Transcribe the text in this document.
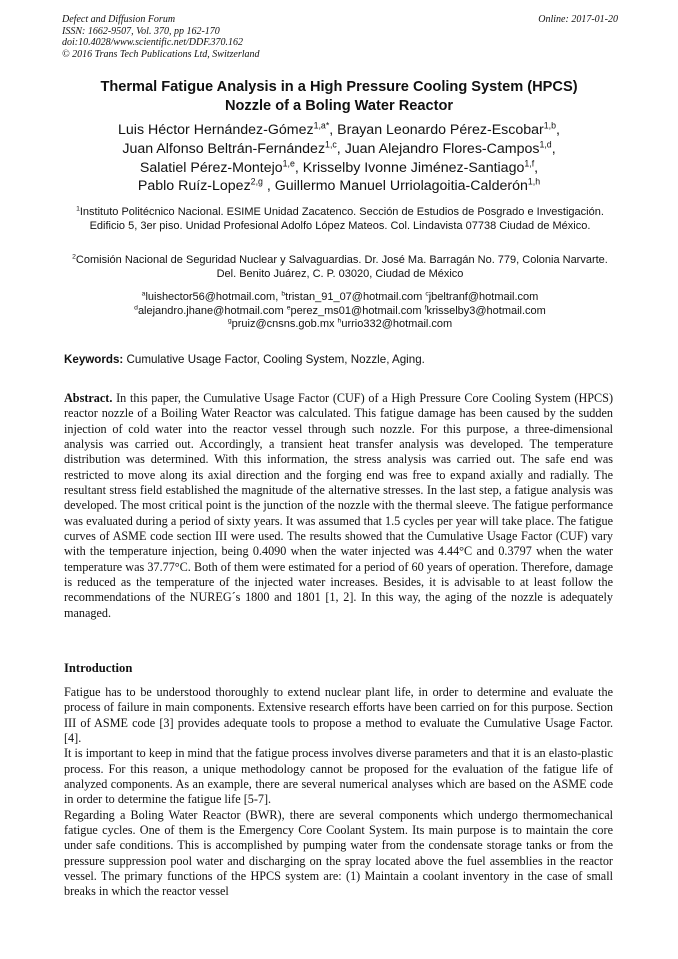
Defect and Diffusion Forum
ISSN: 1662-9507, Vol. 370, pp 162-170
doi:10.4028/www.scientific.net/DDF.370.162
© 2016 Trans Tech Publications Ltd, Switzerland
Online: 2017-01-20
Thermal Fatigue Analysis in a High Pressure Cooling System (HPCS)
Nozzle of a Boling Water Reactor
Luis Héctor Hernández-Gómez$^{1,a*}$, Brayan Leonardo Pérez-Escobar$^{1,b}$,
Juan Alfonso Beltrán-Fernández$^{1,c}$, Juan Alejandro Flores-Campos$^{1,d}$,
Salatiel Pérez-Montejo$^{1,e}$, Krisselby Ivonne Jiménez-Santiago$^{1,f}$,
Pablo Ruíz-Lopez$^{2,g}$ , Guillermo Manuel Urriolagoitia-Calderón$^{1,h}$
$^1$Instituto Politécnico Nacional. ESIME Unidad Zacatenco. Sección de Estudios de Posgrado e Investigación. Edificio 5, 3er piso. Unidad Profesional Adolfo López Mateos. Col. Lindavista 07738 Ciudad de México.
$^2$Comisión Nacional de Seguridad Nuclear y Salvaguardias. Dr. José Ma. Barragán No. 779, Colonia Narvarte. Del. Benito Juárez, C. P. 03020, Ciudad de México
$^a$luishector56@hotmail.com, $^b$tristan_91_07@hotmail.com $^c$jbeltranf@hotmail.com
$^d$alejandro.jhane@hotmail.com $^e$perez_ms01@hotmail.com $^f$krisselby3@hotmail.com
$^g$pruiz@cnsns.gob.mx $^h$urrio332@hotmail.com
Keywords: Cumulative Usage Factor, Cooling System, Nozzle, Aging.

Abstract. In this paper, the Cumulative Usage Factor (CUF) of a High Pressure Core Cooling System (HPCS) reactor nozzle of a Boiling Water Reactor was calculated. This fatigue damage has been caused by the sudden injection of cold water into the reactor vessel through such nozzle. For this purpose, a three-dimensional analysis was carried out. Accordingly, a transient heat transfer analysis was developed. The temperature distribution was determined. With this information, the stress analysis was carried out. The safe end was restricted to move along its axial direction and the forging end was free to expand axially and radially. The resultant stress field established the magnitude of the alternative stresses. In the last step, a fatigue analysis was developed. The most critical point is the junction of the nozzle with the thermal sleeve. The fatigue performance was evaluated during a period of sixty years. It was assumed that 1.5 cycles per year will take place. The fatigue curves of ASME code section III were used. The results showed that the Cumulative Usage Factor (CUF) vary with the temperature injection, being 0.4090 when the water injected was 4.44°C and 0.3797 when the water temperature was 37.77°C. Both of them were estimated for a period of 60 years of operation. Therefore, damage is reduced as the temperature of the injected water increases. Besides, it is advisable to at least follow the recommendations of the NUREG´s 1800 and 1801 [1, 2]. In this way, the aging of the nozzle is adequately managed.

Introduction

Fatigue has to be understood thoroughly to extend nuclear plant life, in order to determine and evaluate the process of failure in main components. Extensive research efforts have been carried on for this purpose. Section III of ASME code [3] provides adequate tools to propose a method to evaluate the Cumulative Usage Factor. [4].

It is important to keep in mind that the fatigue process involves diverse parameters and that it is an elasto-plastic process. For this reason, a unique methodology cannot be proposed for the evaluation of the fatigue life of analyzed components. As an example, there are several numerical analyses which are based on the ASME code in order to determine the fatigue life [5-7].

Regarding a Boling Water Reactor (BWR), there are several components which undergo thermomechanical fatigue cycles. One of them is the Emergency Core Coolant System. Its main purpose is to maintain the core under safe conditions. This is accomplished by pumping water from the condensate storage tanks or from the pressure suppression pool water and discharging on the spray located above the fuel assemblies in the reactor vessel. The primary functions of the HPCS system are: (1) Maintain a coolant inventory in the case of small breaks in which the reactor vessel
